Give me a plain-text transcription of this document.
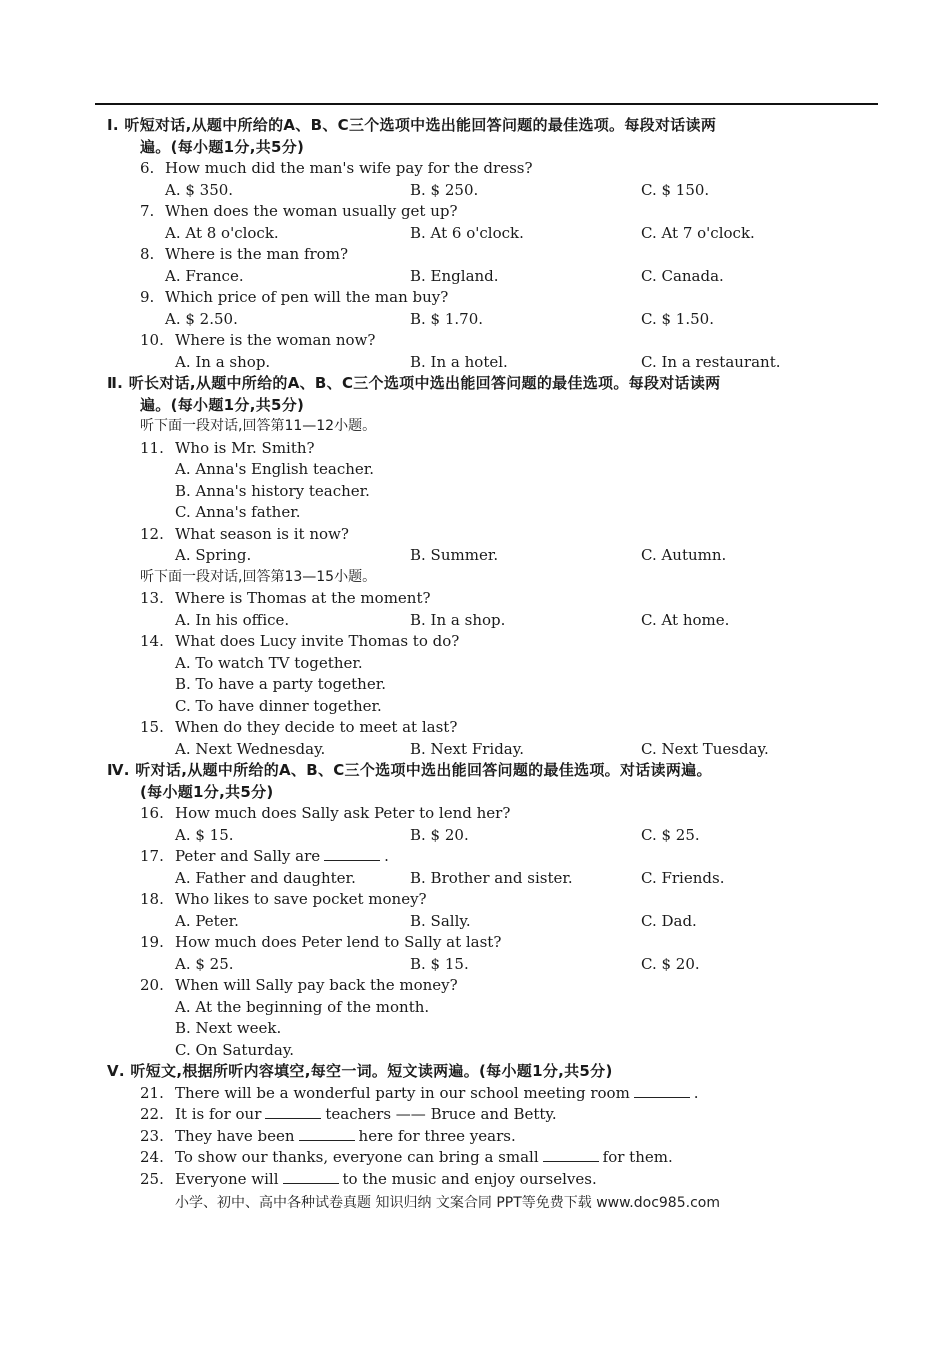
Ⅰ. 听短对话,从题中所给的A、B、C三个选项中选出能回答问题的最佳选项。每段对话读两
遍。(每小题1分,共5分)
6. How much did the man's wife pay for the dress?
A. $ 350.	B. $ 250.	C. $ 150.
7. When does the woman usually get up?
A. At 8 o'clock.	B. At 6 o'clock.	C. At 7 o'clock.
8. Where is the man from?
A. France.	B. England.	C. Canada.
9. Which price of pen will the man buy?
A. $ 2.50.	B. $ 1.70.	C. $ 1.50.
10. Where is the woman now?
A. In a shop.	B. In a hotel.	C. In a restaurant.
Ⅱ. 听长对话,从题中所给的A、B、C三个选项中选出能回答问题的最佳选项。每段对话读两
遍。(每小题1分,共5分)
听下面一段对话,回答第11—12小题。
11. Who is Mr. Smith?
A. Anna's English teacher.
B. Anna's history teacher.
C. Anna's father.
12. What season is it now?
A. Spring.	B. Summer.	C. Autumn.
听下面一段对话,回答第13—15小题。
13. Where is Thomas at the moment?
A. In his office.	B. In a shop.	C. At home.
14. What does Lucy invite Thomas to do?
A. To watch TV together.
B. To have a party together.
C. To have dinner together.
15. When do they decide to meet at last?
A. Next Wednesday.	B. Next Friday.	C. Next Tuesday.
Ⅳ. 听对话,从题中所给的A、B、C三个选项中选出能回答问题的最佳选项。对话读两遍。
(每小题1分,共5分)
16. How much does Sally ask Peter to lend her?
A. $ 15.	B. $ 20.	C. $ 25.
17. Peter and Sally are	.
A. Father and daughter.	B. Brother and sister.	C. Friends.
18. Who likes to save pocket money?
A. Peter.	B. Sally.	C. Dad.
19. How much does Peter lend to Sally at last?
A. $ 25.	B. $ 15.	C. $ 20.
20. When will Sally pay back the money?
A. At the beginning of the month.
B. Next week.
C. On Saturday.
Ⅴ. 听短文,根据所听内容填空,每空一词。短文读两遍。(每小题1分,共5分)
21. There will be a wonderful party in our school meeting room	.
22. It is for our	teachers —— Bruce and Betty.
23. They have been	here for three years.
24. To show our thanks, everyone can bring a small	for them.
25. Everyone will	to the music and enjoy ourselves.
小学、初中、高中各种试卷真题 知识归纳 文案合同 PPT等免费下载 www.doc985.com
